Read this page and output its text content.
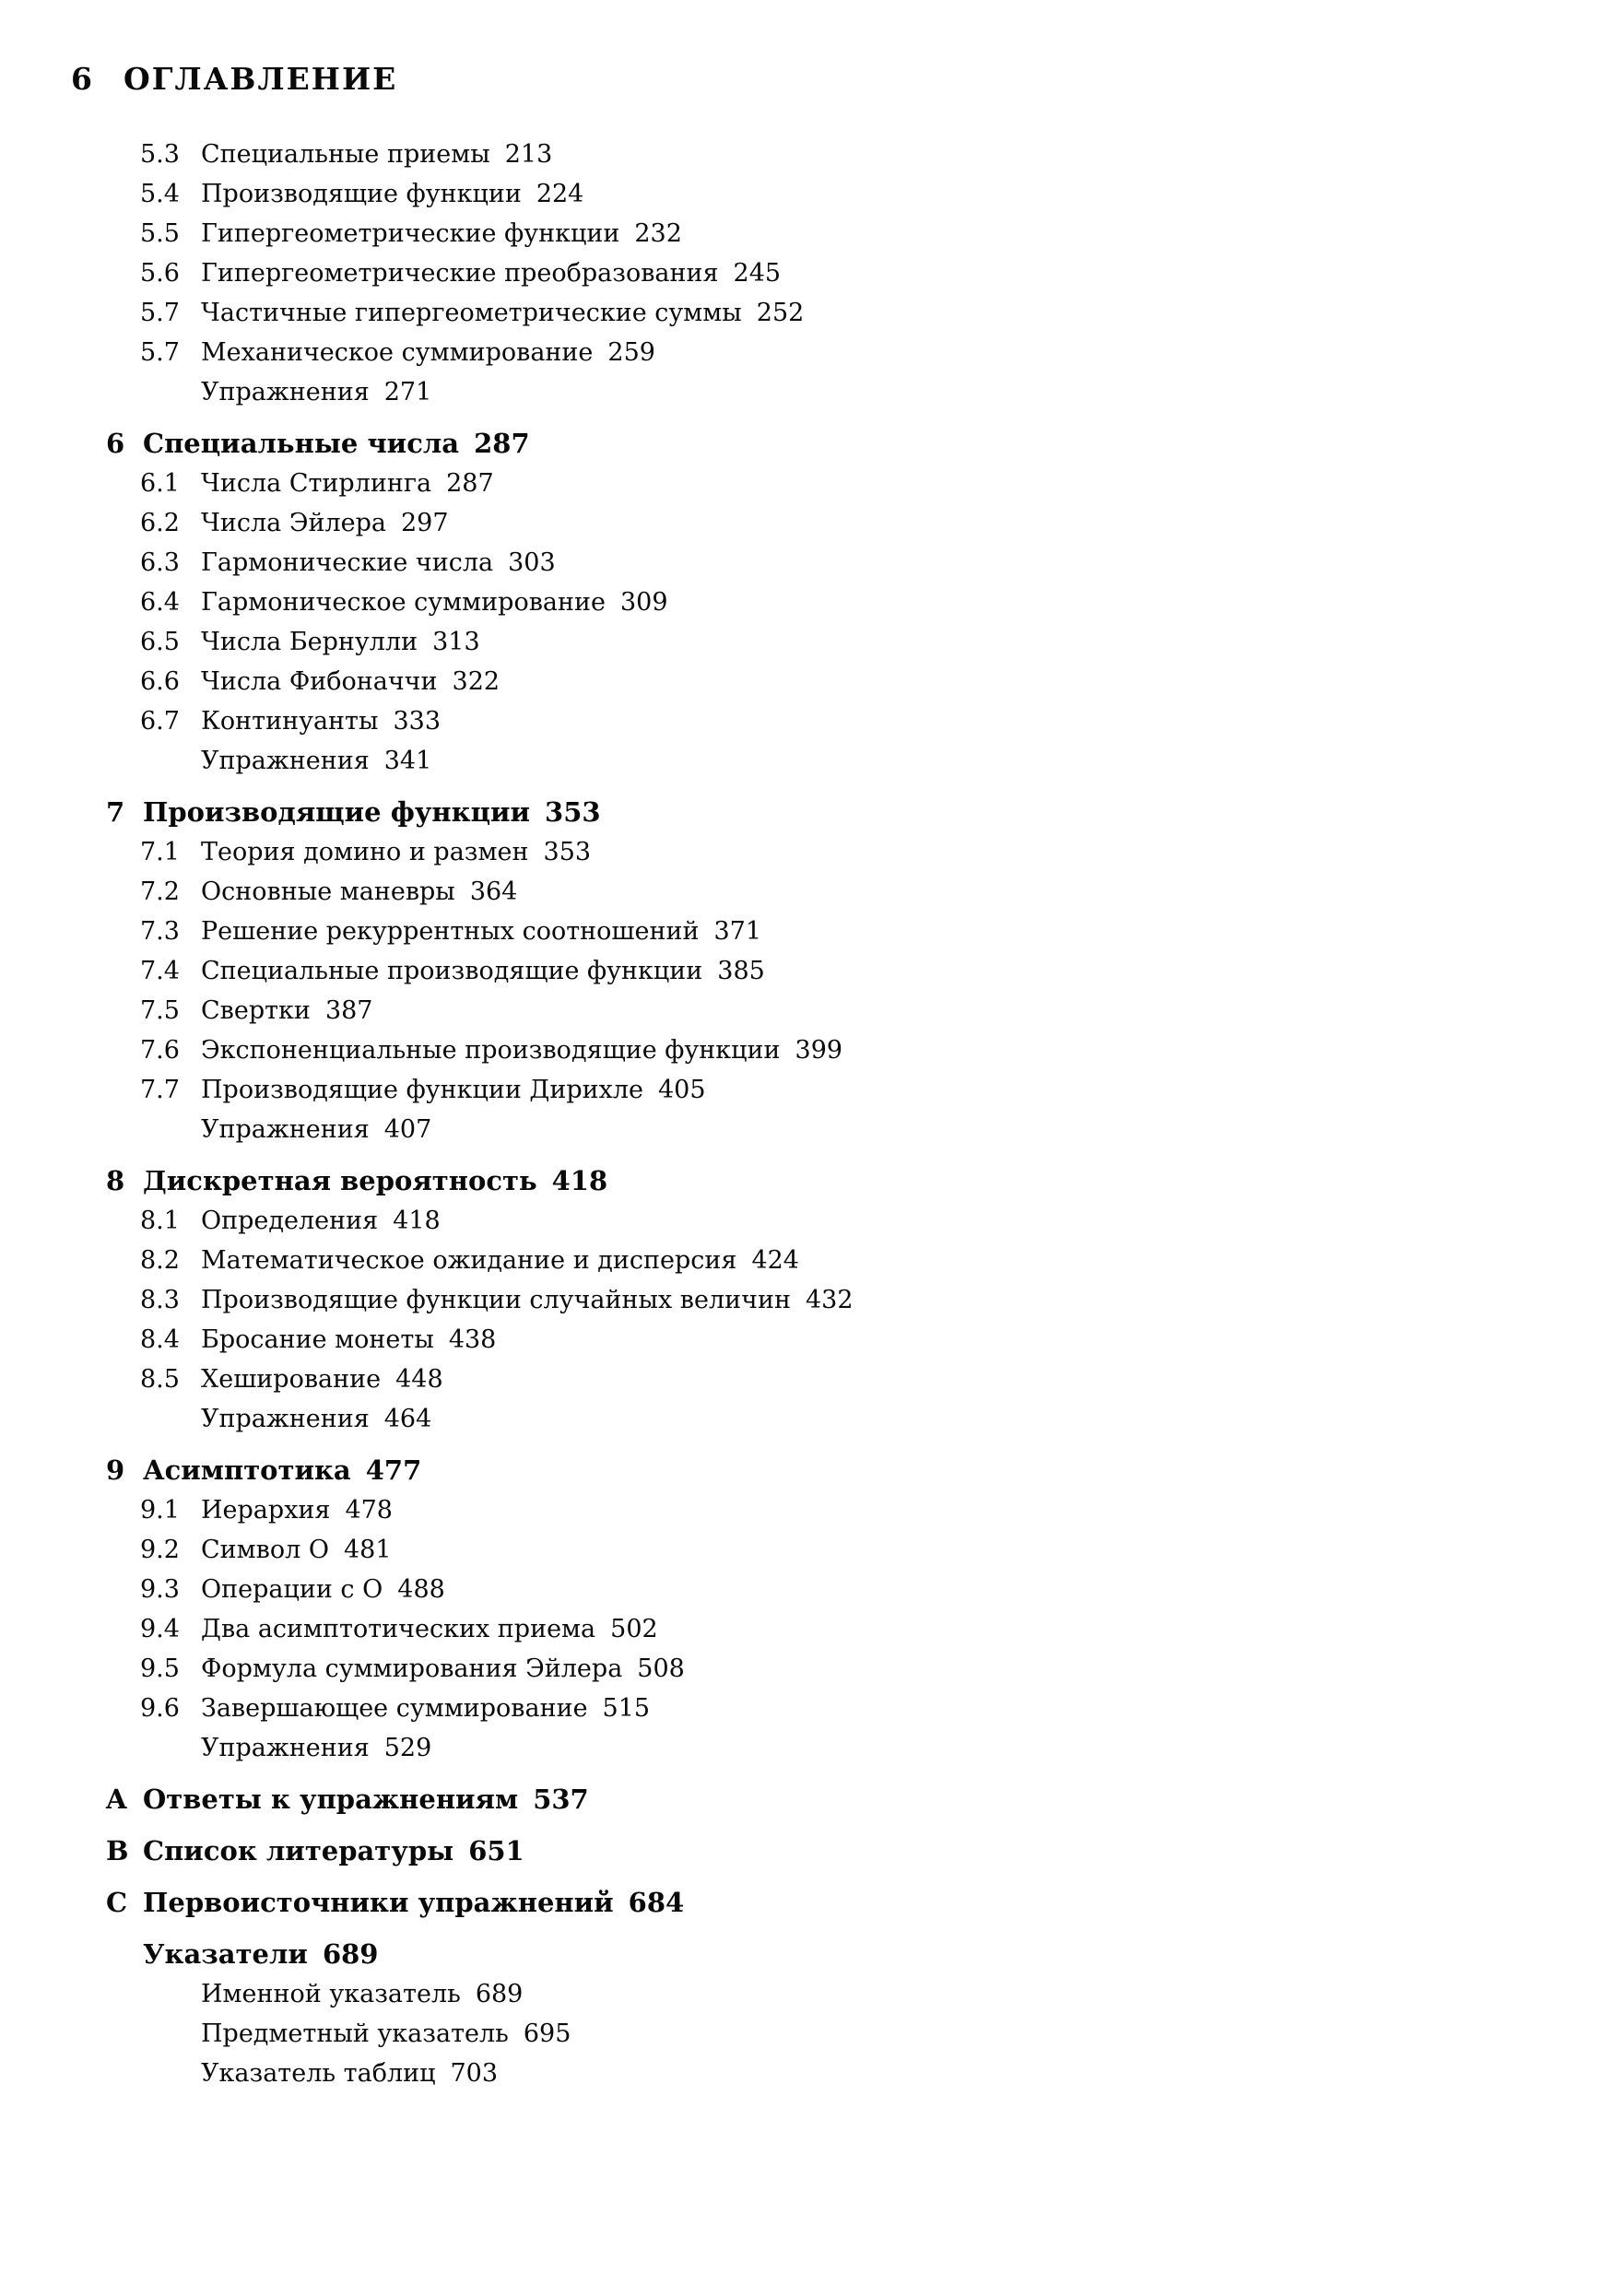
6 ОГЛАВЛЕНИЕ
5.3 Специальные приемы 213
5.4 Производящие функции 224
5.5 Гипергеометрические функции 232
5.6 Гипергеометрические преобразования 245
5.7 Частичные гипергеометрические суммы 252
5.7 Механическое суммирование 259
Упражнения 271
6 Специальные числа 287
6.1 Числа Стирлинга 287
6.2 Числа Эйлера 297
6.3 Гармонические числа 303
6.4 Гармоническое суммирование 309
6.5 Числа Бернулли 313
6.6 Числа Фибоначчи 322
6.7 Континуанты 333
Упражнения 341
7 Производящие функции 353
7.1 Теория домино и размен 353
7.2 Основные маневры 364
7.3 Решение рекуррентных соотношений 371
7.4 Специальные производящие функции 385
7.5 Свертки 387
7.6 Экспоненциальные производящие функции 399
7.7 Производящие функции Дирихле 405
Упражнения 407
8 Дискретная вероятность 418
8.1 Определения 418
8.2 Математическое ожидание и дисперсия 424
8.3 Производящие функции случайных величин 432
8.4 Бросание монеты 438
8.5 Хеширование 448
Упражнения 464
9 Асимптотика 477
9.1 Иерархия 478
9.2 Символ О 481
9.3 Операции с О 488
9.4 Два асимптотических приема 502
9.5 Формула суммирования Эйлера 508
9.6 Завершающее суммирование 515
Упражнения 529
A Ответы к упражнениям 537
B Список литературы 651
C Первоисточники упражнений 684
Указатели 689
Именной указатель 689
Предметный указатель 695
Указатель таблиц 703
